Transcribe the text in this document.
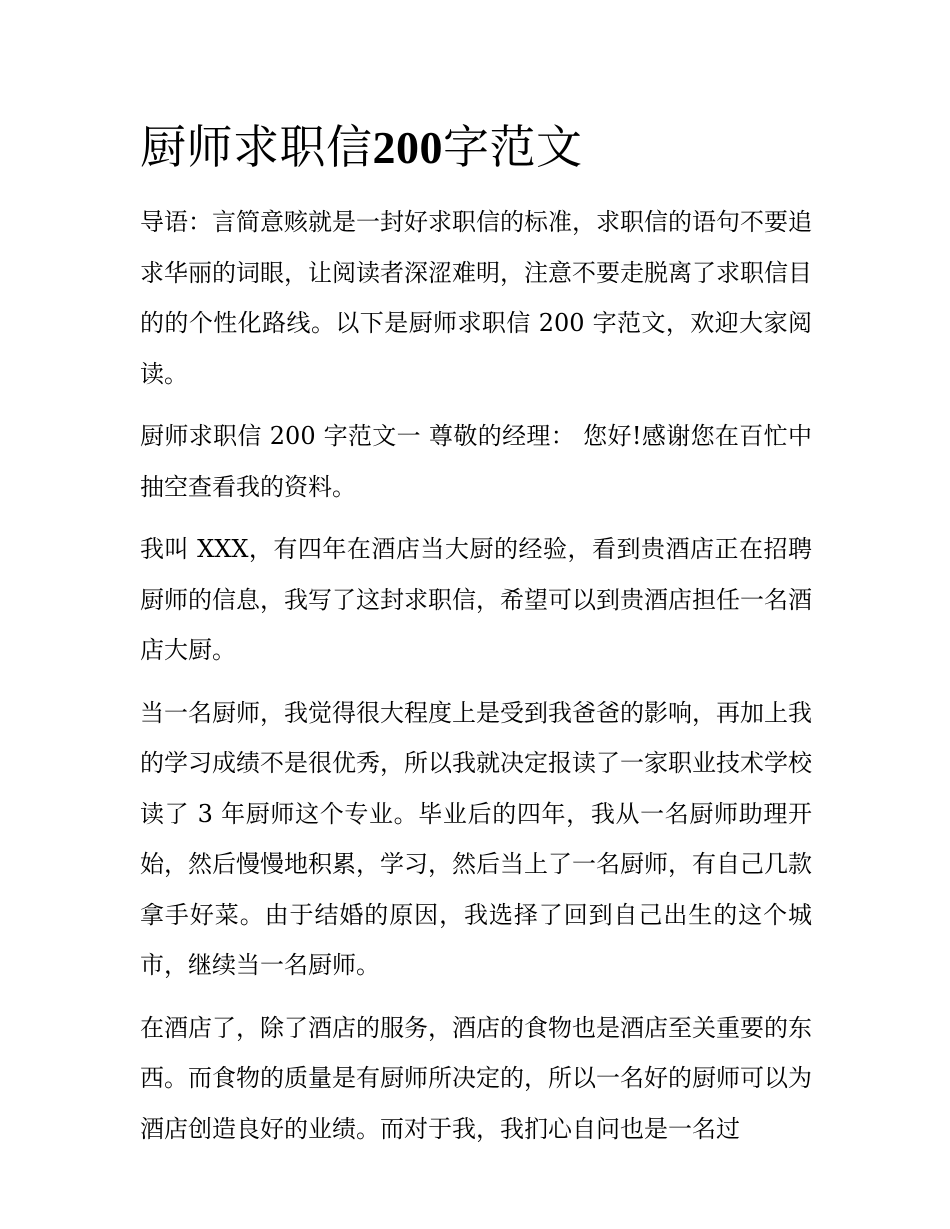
厨师求职信200字范文

导语：言简意赅就是一封好求职信的标准，求职信的语句不要追求华丽的词眼，让阅读者深涩难明，注意不要走脱离了求职信目的的个性化路线。以下是厨师求职信 200 字范文，欢迎大家阅读。

厨师求职信 200 字范文一 尊敬的经理： 您好!感谢您在百忙中抽空查看我的资料。

我叫 XXX，有四年在酒店当大厨的经验，看到贵酒店正在招聘厨师的信息，我写了这封求职信，希望可以到贵酒店担任一名酒店大厨。

当一名厨师，我觉得很大程度上是受到我爸爸的影响，再加上我的学习成绩不是很优秀，所以我就决定报读了一家职业技术学校读了 3 年厨师这个专业。毕业后的四年，我从一名厨师助理开始，然后慢慢地积累，学习，然后当上了一名厨师，有自己几款拿手好菜。由于结婚的原因，我选择了回到自己出生的这个城市，继续当一名厨师。

在酒店了，除了酒店的服务，酒店的食物也是酒店至关重要的东西。而食物的质量是有厨师所决定的，所以一名好的厨师可以为酒店创造良好的业绩。而对于我，我扪心自问也是一名过
